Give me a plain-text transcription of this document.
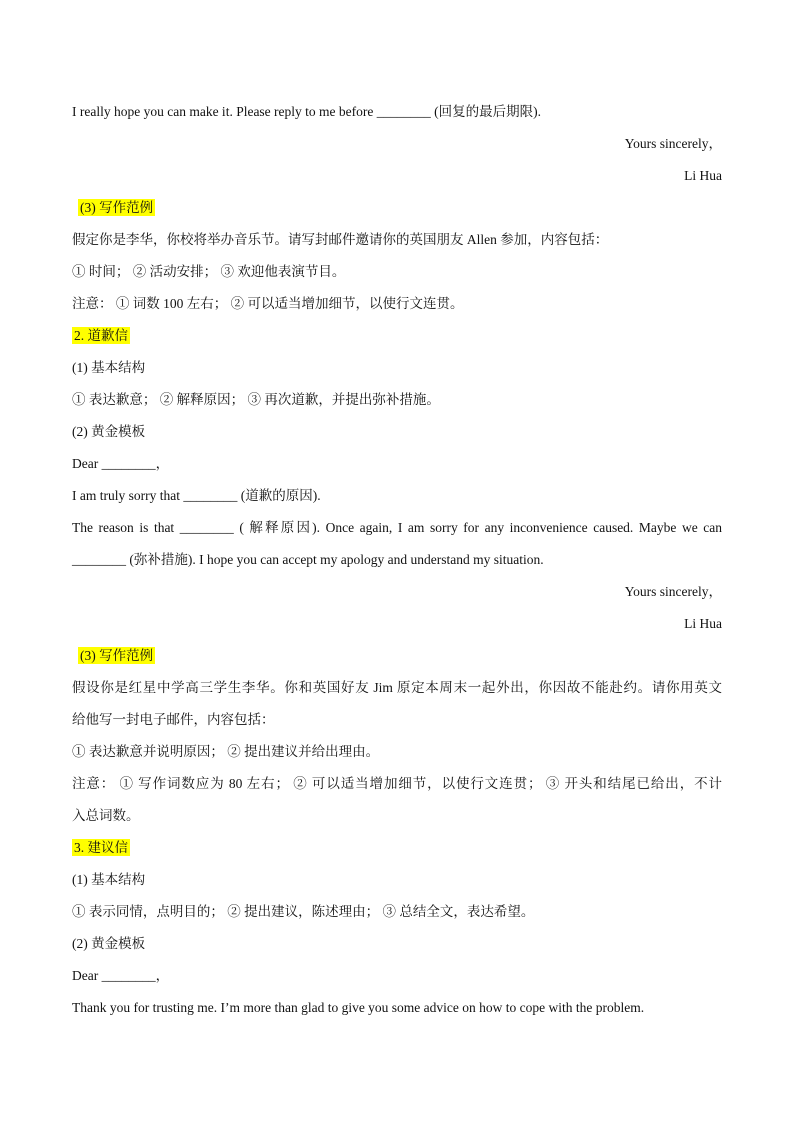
I really hope you can make it. Please reply to me before ________ (回复的最后期限).
Yours sincerely，
Li Hua
(3) 写作范例
假定你是李华，你校将举办音乐节。请写封邮件邀请你的英国朋友 Allen 参加，内容包括：
① 时间； ② 活动安排； ③ 欢迎他表演节目。
注意： ① 词数 100 左右； ② 可以适当增加细节，以使行文连贯。
2. 道歉信
(1) 基本结构
① 表达歉意； ② 解释原因； ③ 再次道歉，并提出弥补措施。
(2) 黄金模板
Dear ________，
I am truly sorry that ________ (道歉的原因).
The reason is that ________ ( 解释原因). Once again, I am sorry for any inconvenience caused. Maybe we can
________ (弥补措施). I hope you can accept my apology and understand my situation.
Yours sincerely，
Li Hua
(3) 写作范例
假设你是红星中学高三学生李华。你和英国好友 Jim 原定本周末一起外出，你因故不能赴约。请你用英文
给他写一封电子邮件，内容包括：
① 表达歉意并说明原因； ② 提出建议并给出理由。
注意： ① 写作词数应为 80 左右； ② 可以适当增加细节，以使行文连贯； ③ 开头和结尾已给出，不计
入总词数。
3. 建议信
(1) 基本结构
① 表示同情，点明目的； ② 提出建议，陈述理由； ③ 总结全文，表达希望。
(2) 黄金模板
Dear ________，
Thank you for trusting me. I’m more than glad to give you some advice on how to cope with the problem.
